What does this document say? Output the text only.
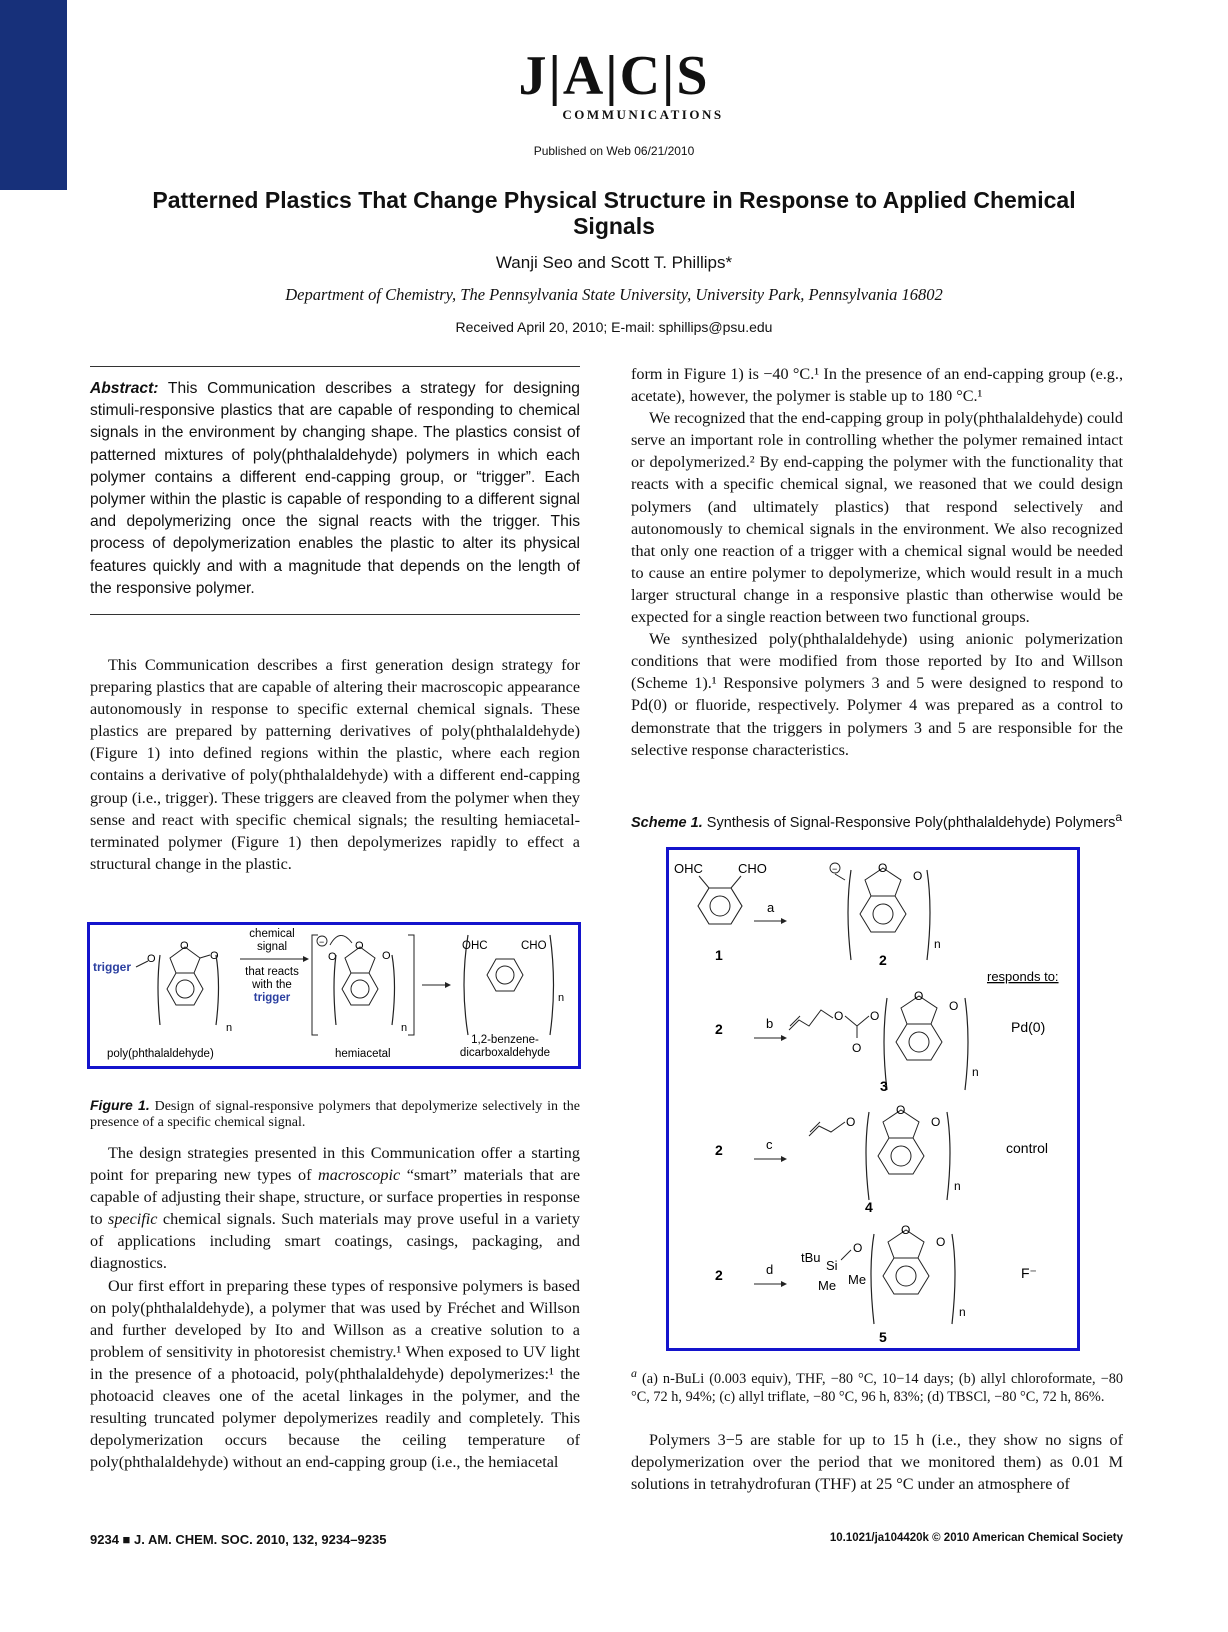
J|A|C|S
COMMUNICATIONS
Published on Web 06/21/2010
Patterned Plastics That Change Physical Structure in Response to Applied Chemical Signals
Wanji Seo and Scott T. Phillips*
Department of Chemistry, The Pennsylvania State University, University Park, Pennsylvania 16802
Received April 20, 2010; E-mail: sphillips@psu.edu
Abstract: This Communication describes a strategy for designing stimuli-responsive plastics that are capable of responding to chemical signals in the environment by changing shape. The plastics consist of patterned mixtures of poly(phthalaldehyde) polymers in which each polymer contains a different end-capping group, or “trigger”. Each polymer within the plastic is capable of responding to a different signal and depolymerizing once the signal reacts with the trigger. This process of depolymerization enables the plastic to alter its physical features quickly and with a magnitude that depends on the length of the responsive polymer.

This Communication describes a first generation design strategy for preparing plastics that are capable of altering their macroscopic appearance autonomously in response to specific external chemical signals. These plastics are prepared by patterning derivatives of poly(phthalaldehyde) (Figure 1) into defined regions within the plastic, where each region contains a derivative of poly(phthalaldehyde) with a different end-capping group (i.e., trigger). These triggers are cleaved from the polymer when they sense and react with specific chemical signals; the resulting hemiacetal-terminated polymer (Figure 1) then depolymerizes rapidly to effect a structural change in the plastic.

trigger
O
O
O
n
poly(phthalaldehyde)
chemical signal
that reacts with the
trigger
−
O
O
O
n
hemiacetal
OHC	CHO
n
1,2-benzene-
dicarboxaldehyde
Figure 1. Design of signal-responsive polymers that depolymerize selectively in the presence of a specific chemical signal.

The design strategies presented in this Communication offer a starting point for preparing new types of macroscopic “smart” materials that are capable of adjusting their shape, structure, or surface properties in response to specific chemical signals. Such materials may prove useful in a variety of applications including smart coatings, casings, packaging, and diagnostics.

Our first effort in preparing these types of responsive polymers is based on poly(phthalaldehyde), a polymer that was used by Fréchet and Willson and further developed by Ito and Willson as a creative solution to a problem of sensitivity in photoresist chemistry.¹ When exposed to UV light in the presence of a photoacid, poly(phthalaldehyde) depolymerizes:¹ the photoacid cleaves one of the acetal linkages in the polymer, and the resulting truncated polymer depolymerizes readily and completely. This depolymerization occurs because the ceiling temperature of poly(phthalaldehyde) without an end-capping group (i.e., the hemiacetal

form in Figure 1) is −40 °C.¹ In the presence of an end-capping group (e.g., acetate), however, the polymer is stable up to 180 °C.¹

We recognized that the end-capping group in poly(phthalaldehyde) could serve an important role in controlling whether the polymer remained intact or depolymerized.² By end-capping the polymer with the functionality that reacts with a specific chemical signal, we reasoned that we could design polymers (and ultimately plastics) that respond selectively and autonomously to chemical signals in the environment. We also recognized that only one reaction of a trigger with a chemical signal would be needed to cause an entire polymer to depolymerize, which would result in a much larger structural change in a responsive plastic than otherwise would be expected for a single reaction between two functional groups.

We synthesized poly(phthalaldehyde) using anionic polymerization conditions that were modified from those reported by Ito and Willson (Scheme 1).¹ Responsive polymers 3 and 5 were designed to respond to Pd(0) or fluoride, respectively. Polymer 4 was prepared as a control to demonstrate that the triggers in polymers 3 and 5 are responsible for the selective response characteristics.

Scheme 1. Synthesis of Signal-Responsive Poly(phthalaldehyde) Polymers$^a$
OHC	CHO
a
1
−	O
O
n
2
responds to:
2	b	O
O
O
O
O
n
3
Pd(0)
2	c
O
O
O
n
4
control
2	d
tBu
Si
Me Me
O
O
O
n
5
F⁻
$^a$ (a) n-BuLi (0.003 equiv), THF, −80 °C, 10−14 days; (b) allyl chloroformate, −80 °C, 72 h, 94%; (c) allyl triflate, −80 °C, 96 h, 83%; (d) TBSCl, −80 °C, 72 h, 86%.

Polymers 3−5 are stable for up to 15 h (i.e., they show no signs of depolymerization over the period that we monitored them) as 0.01 M solutions in tetrahydrofuran (THF) at 25 °C under an atmosphere of

9234 ■ J. AM. CHEM. SOC. 2010, 132, 9234–9235	10.1021/ja104420k © 2010 American Chemical Society
